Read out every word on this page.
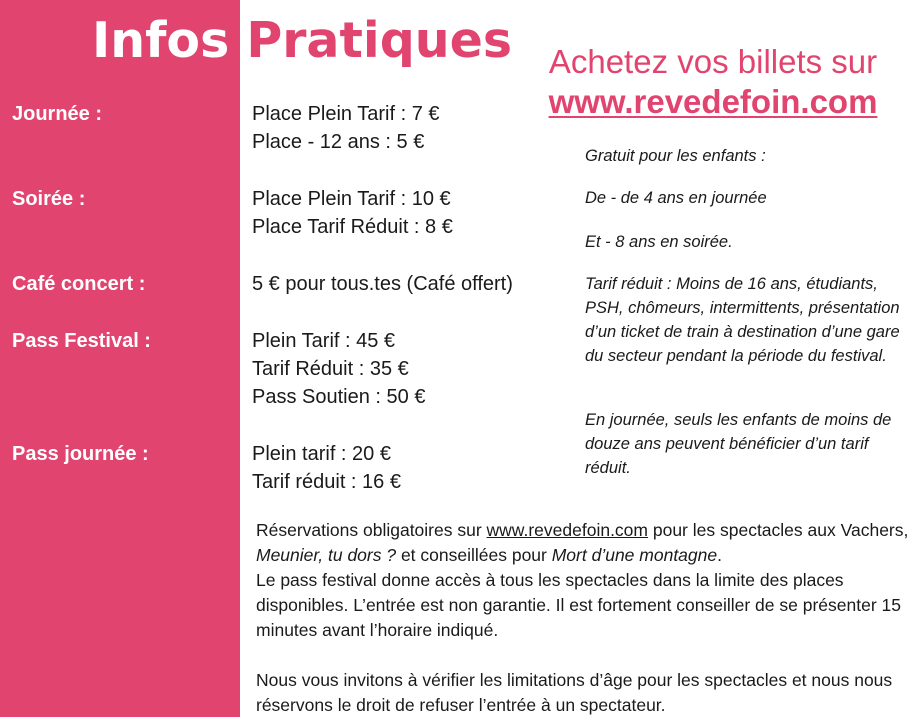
Infos Pratiques	Achetez vos billets sur
www.revedefoin.com
Journée :
Soirée :
Café concert :
Pass Festival :
Pass journée :
Place Plein Tarif : 7 €
Place - 12 ans : 5 €
Place Plein Tarif : 10 €
Place Tarif Réduit : 8 €
5 € pour tous.tes (Café offert)
Plein Tarif : 45 €
Tarif Réduit : 35 €
Pass Soutien : 50 €
Plein tarif : 20 €
Tarif réduit : 16 €

Gratuit pour les enfants :

De - de 4 ans en journée

Et - 8 ans en soirée.

Tarif réduit : Moins de 16 ans, étudiants, PSH, chômeurs, intermittents, présentation d’un ticket de train à destination d’une gare du secteur pendant la période du festival.

En journée, seuls les enfants de moins de douze ans peuvent bénéficier d’un tarif réduit.

Réservations obligatoires sur www.revedefoin.com pour les spectacles aux Vachers, Meunier, tu dors ? et conseillées pour Mort d’une montagne.

Le pass festival donne accès à tous les spectacles dans la limite des places disponibles. L’entrée est non garantie. Il est fortement conseiller de se présenter 15 minutes avant l’horaire indiqué.

Nous vous invitons à vérifier les limitations d’âge pour les spectacles et nous nous réservons le droit de refuser l’entrée à un spectateur.
